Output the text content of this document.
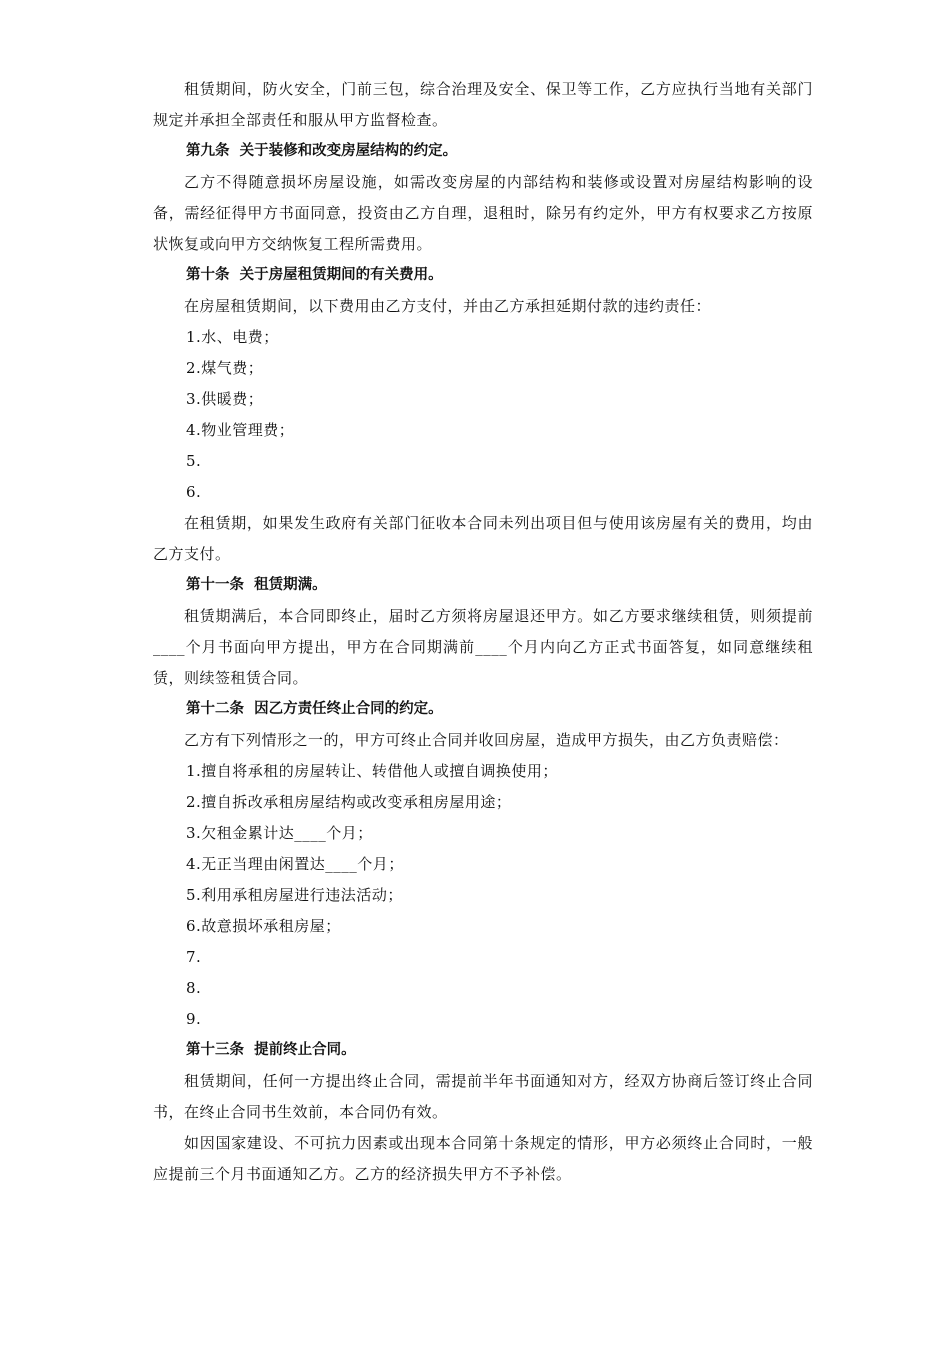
租赁期间，防火安全，门前三包，综合治理及安全、保卫等工作，乙方应执行当地有关部门规定并承担全部责任和服从甲方监督检查。

第九条  关于装修和改变房屋结构的约定。

乙方不得随意损坏房屋设施，如需改变房屋的内部结构和装修或设置对房屋结构影响的设备，需经征得甲方书面同意，投资由乙方自理，退租时，除另有约定外，甲方有权要求乙方按原状恢复或向甲方交纳恢复工程所需费用。

第十条  关于房屋租赁期间的有关费用。

在房屋租赁期间，以下费用由乙方支付，并由乙方承担延期付款的违约责任：

1.水、电费；

2.煤气费；

3.供暖费；

4.物业管理费；

5.

6.

在租赁期，如果发生政府有关部门征收本合同未列出项目但与使用该房屋有关的费用，均由乙方支付。

第十一条  租赁期满。

租赁期满后，本合同即终止，届时乙方须将房屋退还甲方。如乙方要求继续租赁，则须提前____个月书面向甲方提出，甲方在合同期满前____个月内向乙方正式书面答复，如同意继续租赁，则续签租赁合同。

第十二条  因乙方责任终止合同的约定。

乙方有下列情形之一的，甲方可终止合同并收回房屋，造成甲方损失，由乙方负责赔偿：

1.擅自将承租的房屋转让、转借他人或擅自调换使用；

2.擅自拆改承租房屋结构或改变承租房屋用途；

3.欠租金累计达____个月；

4.无正当理由闲置达____个月；

5.利用承租房屋进行违法活动；

6.故意损坏承租房屋；

7.

8.

9.

第十三条  提前终止合同。

租赁期间，任何一方提出终止合同，需提前半年书面通知对方，经双方协商后签订终止合同书，在终止合同书生效前，本合同仍有效。

如因国家建设、不可抗力因素或出现本合同第十条规定的情形，甲方必须终止合同时，一般应提前三个月书面通知乙方。乙方的经济损失甲方不予补偿。
